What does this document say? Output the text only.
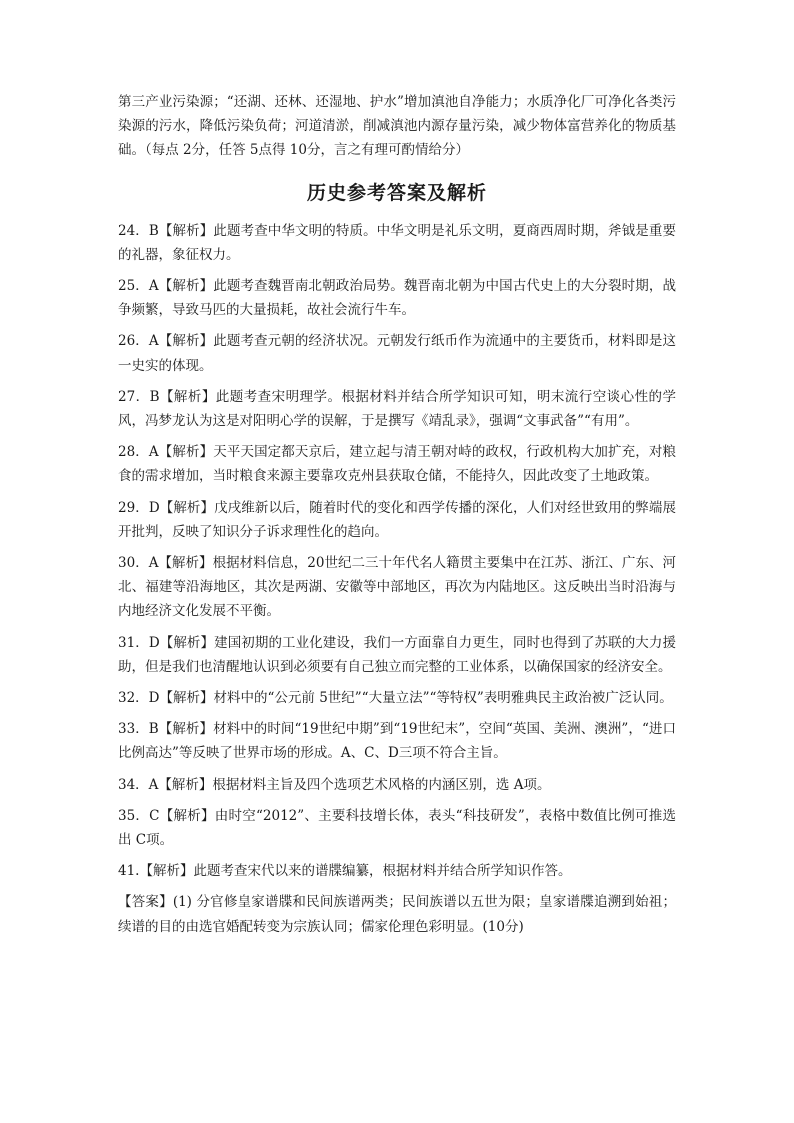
第三产业污染源；“还湖、还林、还湿地、护水”增加滇池自净能力；水质净化厂可净化各类污染源的污水，降低污染负荷；河道清淤，削减滇池内源存量污染，减少物体富营养化的物质基础。（每点 2分，任答 5点得 10分，言之有理可酌情给分）

历史参考答案及解析

24．B【解析】此题考查中华文明的特质。中华文明是礼乐文明，夏商西周时期，斧钺是重要的礼器，象征权力。

25．A【解析】此题考查魏晋南北朝政治局势。魏晋南北朝为中国古代史上的大分裂时期，战争频繁，导致马匹的大量损耗，故社会流行牛车。

26．A【解析】此题考查元朝的经济状况。元朝发行纸币作为流通中的主要货币，材料即是这一史实的体现。

27．B【解析】此题考查宋明理学。根据材料并结合所学知识可知，明末流行空谈心性的学风，冯梦龙认为这是对阳明心学的误解，于是撰写《靖乱录》，强调“文事武备”“有用”。

28．A【解析】天平天国定都天京后，建立起与清王朝对峙的政权，行政机构大加扩充，对粮食的需求增加，当时粮食来源主要靠攻克州县获取仓储，不能持久，因此改变了土地政策。

29．D【解析】戊戌维新以后，随着时代的变化和西学传播的深化，人们对经世致用的弊端展开批判，反映了知识分子诉求理性化的趋向。

30．A【解析】根据材料信息，20世纪二三十年代名人籍贯主要集中在江苏、浙江、广东、河北、福建等沿海地区，其次是两湖、安徽等中部地区，再次为内陆地区。这反映出当时沿海与内地经济文化发展不平衡。

31．D【解析】建国初期的工业化建设，我们一方面靠自力更生，同时也得到了苏联的大力援助，但是我们也清醒地认识到必须要有自己独立而完整的工业体系，以确保国家的经济安全。

32．D【解析】材料中的“公元前 5世纪”“大量立法”“等特权”表明雅典民主政治被广泛认同。

33．B【解析】材料中的时间“19世纪中期”到“19世纪末”，空间“英国、美洲、澳洲”，“进口比例高达”等反映了世界市场的形成。A、C、D三项不符合主旨。

34．A【解析】根据材料主旨及四个选项艺术风格的内涵区别，选 A项。

35．C【解析】由时空“2012”、主要科技增长体，表头“科技研发”，表格中数值比例可推选出 C项。

41.【解析】此题考查宋代以来的谱牒编纂，根据材料并结合所学知识作答。

【答案】(1) 分官修皇家谱牒和民间族谱两类；民间族谱以五世为限；皇家谱牒追溯到始祖；续谱的目的由选官婚配转变为宗族认同；儒家伦理色彩明显。(10分)
